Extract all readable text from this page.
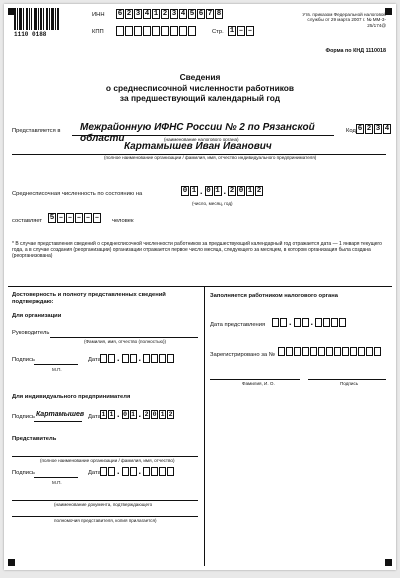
1110 0188
ИНН 6 2 3 4 1 2 3 4 5 6 7 8
КПП	Стр. 1 – –
Утв. приказом Федеральной налоговой службы от 29 марта 2007 г. № ММ-3-25/174@
Форма по КНД 1110018
Сведения
о среднесписочной численности работников
за предшествующий календарный год
Представляется в Межрайонную ИФНС России № 2 по Рязанской области	(наименование налогового органа)
Код 6 2 3 4
Картамышев Иван Иванович
(полное наименование организации / фамилия, имя, отчество индивидуального предпринимателя)
Среднесписочная численность по состоянию на	0 1 . 0 1 . 2 0 1 2
(число, месяц, год)
составляет 5 – – – – –	человек
* В случае представления сведений о среднесписочной численности работников за предшествующий календарный год отражается дата — 1 января текущего года, а в случае создания (реорганизации) организации отражается первое число месяца, следующего за месяцем, в котором организация была создана (реорганизована)
Достоверность и полноту представленных сведений подтверждаю:
Для организации
Руководитель
(Фамилия, имя, отчество (полностью))
Подпись
М.П.
Дата . .
Для индивидуального предпринимателя
Подпись Картамышев Дата 1 1 . 0 1 . 2 0 1 2
Представитель
(полное наименование организации / фамилия, имя, отчество)
Подпись
М.П.
Дата . .
(наименование документа, подтверждающего
полномочия представителя, копия прилагается)
Заполняется работником налогового органа
Дата представления	. .
Зарегистрировано за №
Фамилия, И. О.	Подпись
